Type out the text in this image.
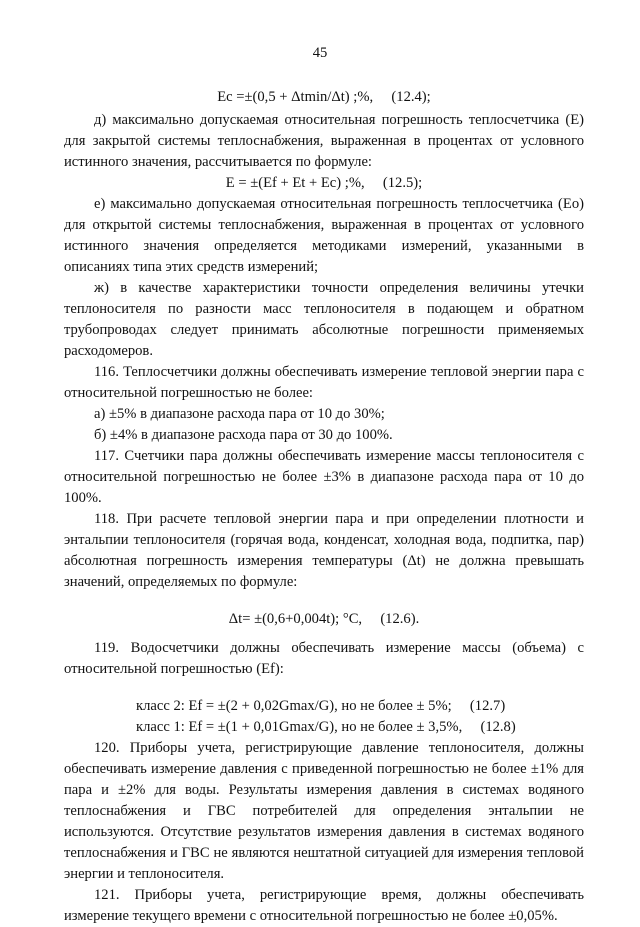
45

Ec =±(0,5 + Δtmin/Δt) ;%,     (12.4);

д) максимально допускаемая относительная погрешность теплосчетчика (E) для закрытой системы теплоснабжения, выраженная в процентах от условного истинного значения, рассчитывается по формуле:

E = ±(Ef + Et + Ec) ;%,     (12.5);

е) максимально допускаемая относительная погрешность теплосчетчика (Eo) для открытой системы теплоснабжения, выраженная в процентах от условного истинного значения определяется методиками измерений, указанными в описаниях типа этих средств измерений;

ж) в качестве характеристики точности определения величины утечки теплоносителя по разности масс теплоносителя в подающем и обратном трубопроводах следует принимать абсолютные погрешности применяемых расходомеров.

116. Теплосчетчики должны обеспечивать измерение тепловой энергии пара с относительной погрешностью не более:

а) ±5% в диапазоне расхода пара от 10 до 30%;

б) ±4% в диапазоне расхода пара от 30 до 100%.

117. Счетчики пара должны обеспечивать измерение массы теплоносителя с относительной погрешностью не более ±3% в диапазоне расхода пара от 10 до 100%.

118. При расчете тепловой энергии пара и при определении плотности и энтальпии теплоносителя (горячая вода, конденсат, холодная вода, подпитка, пар) абсолютная погрешность измерения температуры (Δt) не должна превышать значений, определяемых по формуле:

Δt= ±(0,6+0,004t); °С,     (12.6).

119. Водосчетчики должны обеспечивать измерение массы (объема) с относительной погрешностью (Ef):

класс 2: Ef = ±(2 + 0,02Gmax/G), но не более ± 5%;     (12.7)

класс 1: Ef = ±(1 + 0,01Gmax/G), но не более ± 3,5%,     (12.8)

120. Приборы учета, регистрирующие давление теплоносителя, должны обеспечивать измерение давления с приведенной погрешностью не более ±1% для пара и ±2% для воды. Результаты измерения давления в системах водяного теплоснабжения и ГВС потребителей для определения энтальпии не используются. Отсутствие результатов измерения давления в системах водяного теплоснабжения и ГВС не являются нештатной ситуацией для измерения тепловой энергии и теплоносителя.

121. Приборы учета, регистрирующие время, должны обеспечивать измерение текущего времени с относительной погрешностью не более ±0,05%.
